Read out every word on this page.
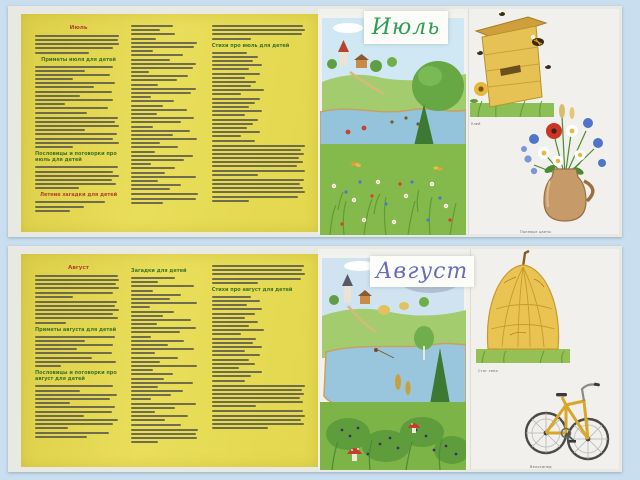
Июль
Приметы июля для детей
Пословицы и поговорки про июль для детей
Летние загадки для детей
Стихи про июль для детей
Июль
Улей
Полевые цветы
Август
Приметы августа для детей
Пословицы и поговорки про август для детей
Загадки для детей
Стихи про август для детей
Август
Стог сена
Велосипед
